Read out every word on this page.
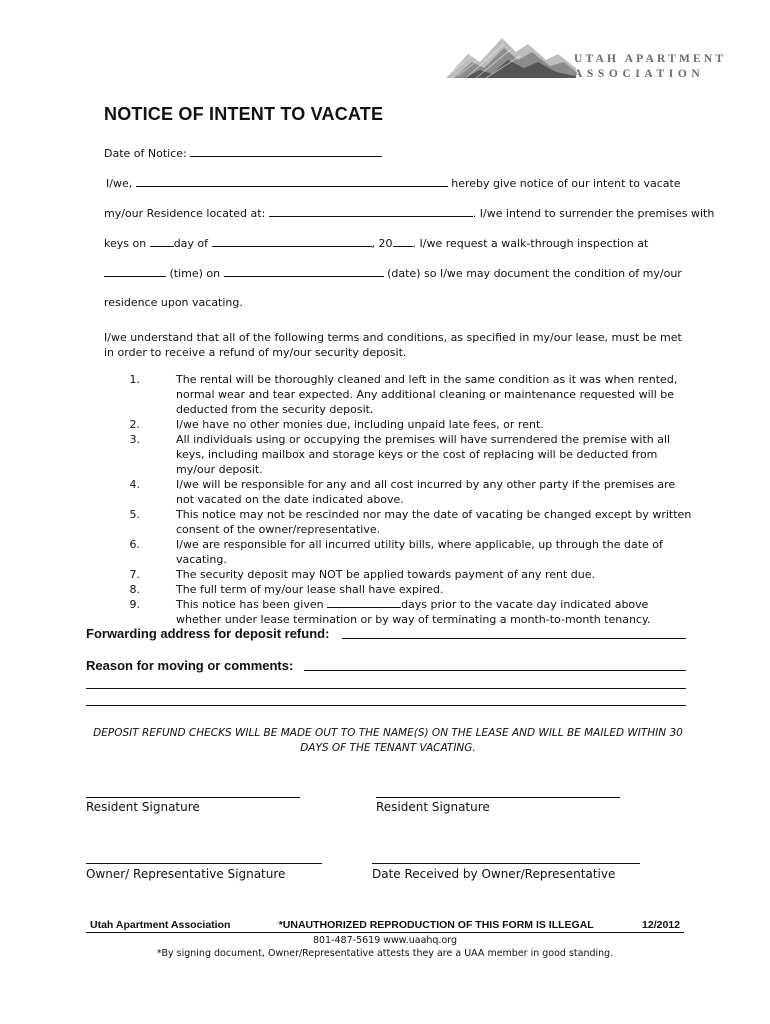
UTAH APARTMENT
ASSOCIATION
NOTICE OF INTENT TO VACATE
Date of Notice:
I/we,	hereby give notice of our intent to vacate
my/our Residence located at:	. I/we intend to surrender the premises with
keys on	day of	, 20 . I/we request a walk-through inspection at
(time) on	(date) so I/we may document the condition of my/our
residence upon vacating.
I/we understand that all of the following terms and conditions, as specified in my/our lease, must be met in order to receive a refund of my/our security deposit.
1.	The rental will be thoroughly cleaned and left in the same condition as it was when rented, normal wear and tear expected. Any additional cleaning or maintenance requested will be deducted from the security deposit.
2.	I/we have no other monies due, including unpaid late fees, or rent.
3.	All individuals using or occupying the premises will have surrendered the premise with all keys, including mailbox and storage keys or the cost of replacing will be deducted from my/our deposit.
4.	I/we will be responsible for any and all cost incurred by any other party if the premises are not vacated on the date indicated above.
5.	This notice may not be rescinded nor may the date of vacating be changed except by written consent of the owner/representative.
6.	I/we are responsible for all incurred utility bills, where applicable, up through the date of vacating.
7.	The security deposit may NOT be applied towards payment of any rent due.
8.	The full term of my/our lease shall have expired.
9.	This notice has been given	days prior to the vacate day indicated above whether under lease termination or by way of terminating a month-to-month tenancy.
Forwarding address for deposit refund:
Reason for moving or comments:
DEPOSIT REFUND CHECKS WILL BE MADE OUT TO THE NAME(S) ON THE LEASE AND WILL BE MAILED WITHIN 30 DAYS OF THE TENANT VACATING.
Resident Signature	Resident Signature
Owner/ Representative Signature	Date Received by Owner/Representative
Utah Apartment Association	*UNAUTHORIZED REPRODUCTION OF THIS FORM IS ILLEGAL	12/2012
801-487-5619 www.uaahq.org
*By signing document, Owner/Representative attests they are a UAA member in good standing.
